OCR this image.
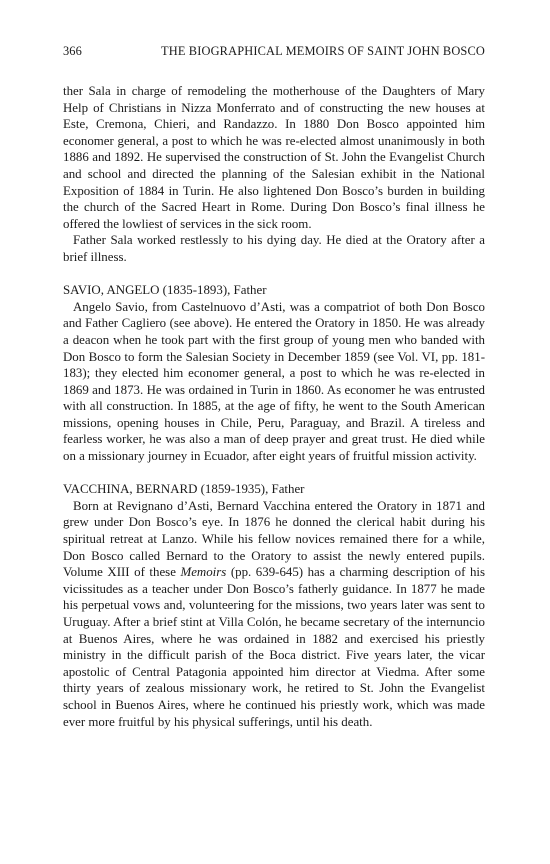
366	THE BIOGRAPHICAL MEMOIRS OF SAINT JOHN BOSCO

ther Sala in charge of remodeling the motherhouse of the Daughters of Mary Help of Christians in Nizza Monferrato and of constructing the new houses at Este, Cremona, Chieri, and Randazzo. In 1880 Don Bosco appointed him economer general, a post to which he was re-elected almost unanimously in both 1886 and 1892. He supervised the construction of St. John the Evangelist Church and school and directed the planning of the Salesian exhibit in the National Exposition of 1884 in Turin. He also lightened Don Bosco’s burden in building the church of the Sacred Heart in Rome. During Don Bosco’s final illness he offered the lowliest of services in the sick room.

Father Sala worked restlessly to his dying day. He died at the Oratory after a brief illness.

SAVIO, ANGELO (1835-1893), Father

Angelo Savio, from Castelnuovo d’Asti, was a compatriot of both Don Bosco and Father Cagliero (see above). He entered the Oratory in 1850. He was already a deacon when he took part with the first group of young men who banded with Don Bosco to form the Salesian Society in December 1859 (see Vol. VI, pp. 181-183); they elected him economer general, a post to which he was re-elected in 1869 and 1873. He was ordained in Turin in 1860. As economer he was entrusted with all construction. In 1885, at the age of fifty, he went to the South American missions, opening houses in Chile, Peru, Paraguay, and Brazil. A tireless and fearless worker, he was also a man of deep prayer and great trust. He died while on a missionary journey in Ecuador, after eight years of fruitful mission activity.

VACCHINA, BERNARD (1859-1935), Father

Born at Revignano d’Asti, Bernard Vacchina entered the Oratory in 1871 and grew under Don Bosco’s eye. In 1876 he donned the clerical habit during his spiritual retreat at Lanzo. While his fellow novices remained there for a while, Don Bosco called Bernard to the Oratory to assist the newly entered pupils. Volume XIII of these Memoirs (pp. 639-645) has a charming description of his vicissitudes as a teacher under Don Bosco’s fatherly guidance. In 1877 he made his perpetual vows and, volunteering for the missions, two years later was sent to Uruguay. After a brief stint at Villa Colón, he became secretary of the internuncio at Buenos Aires, where he was ordained in 1882 and exercised his priestly ministry in the difficult parish of the Boca district. Five years later, the vicar apostolic of Central Patagonia appointed him director at Viedma. After some thirty years of zealous missionary work, he retired to St. John the Evangelist school in Buenos Aires, where he continued his priestly work, which was made ever more fruitful by his physical sufferings, until his death.
